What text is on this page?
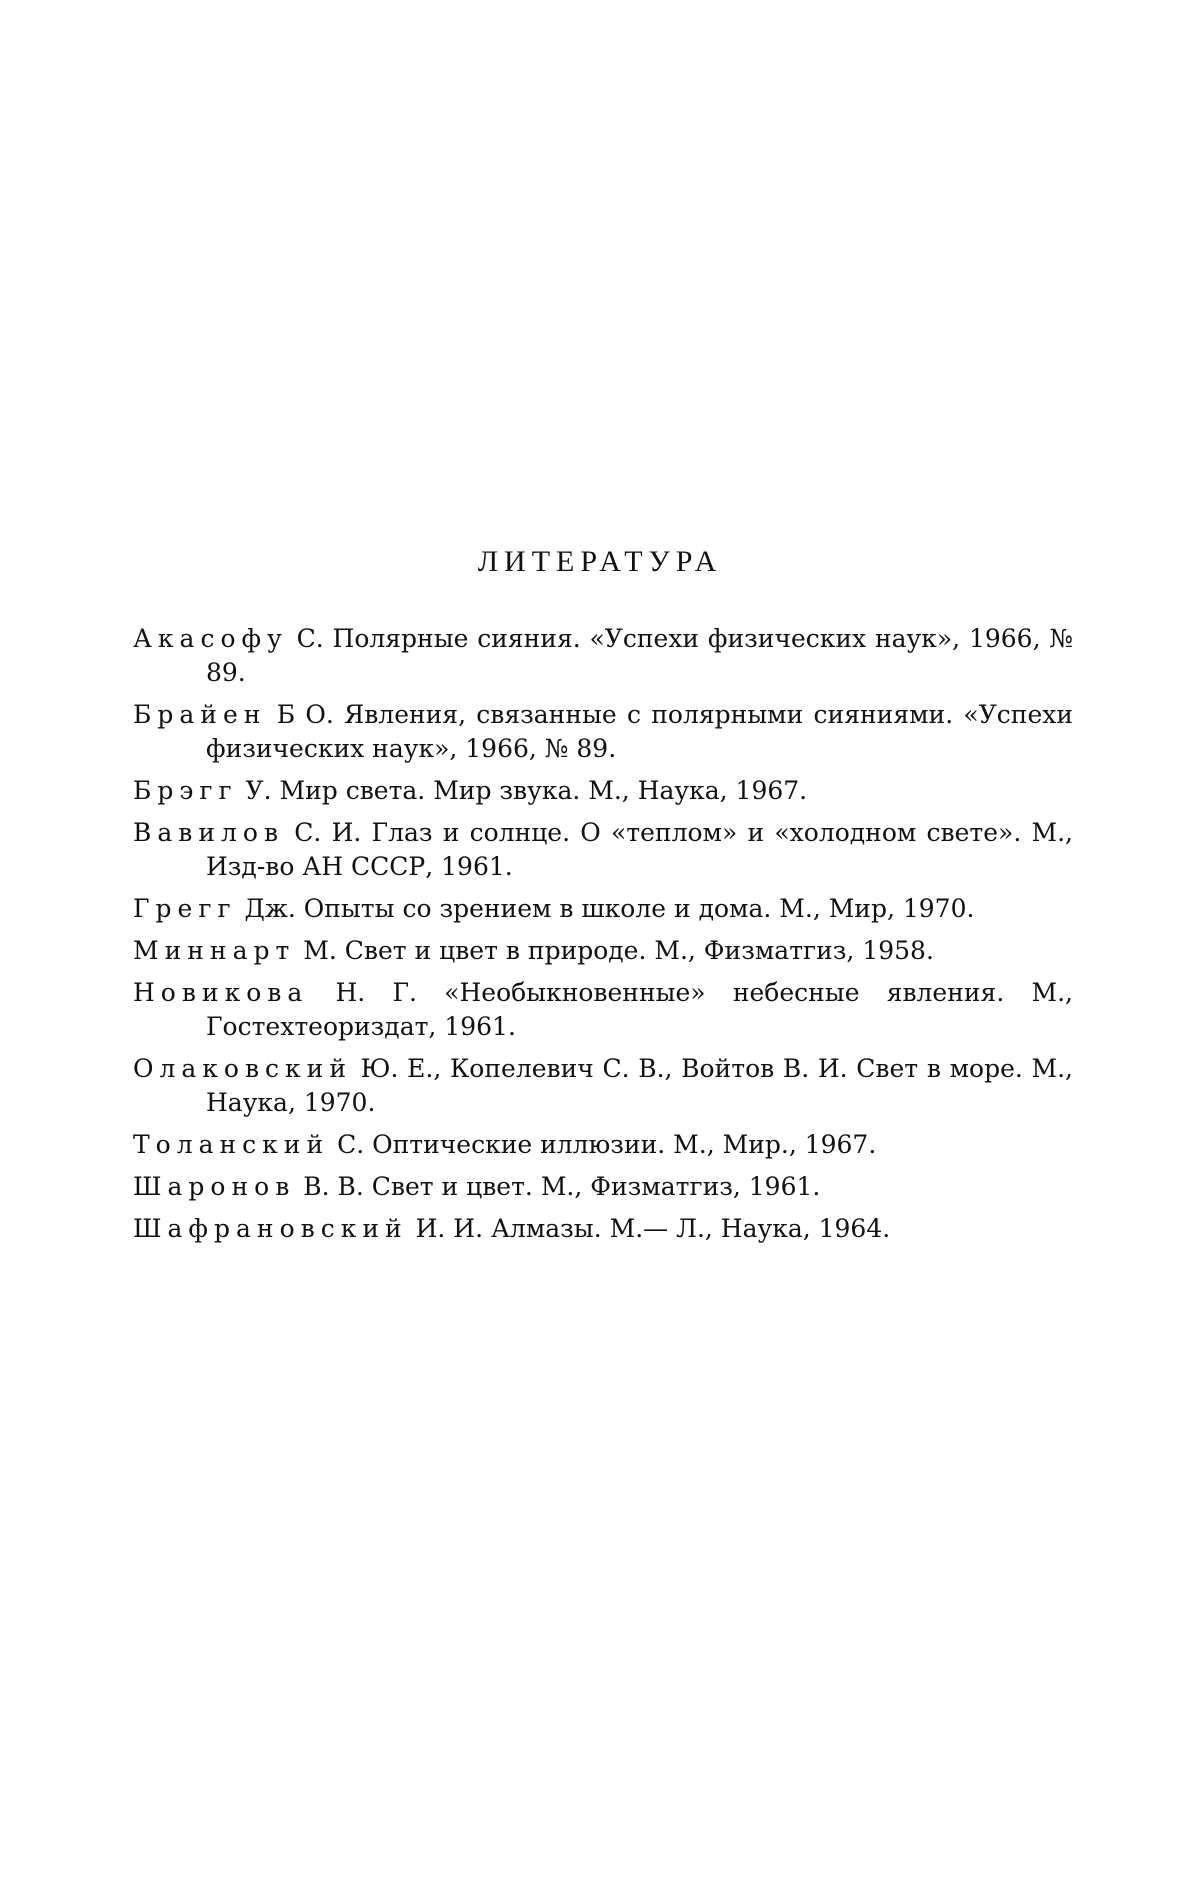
ЛИТЕРАТУРА
Акасофу С. Полярные сияния. «Успехи физических наук», 1966, № 89.
Брайен Б О. Явления, связанные с полярными сияниями. «Успехи физических наук», 1966, № 89.
Брэгг У. Мир света. Мир звука. М., Наука, 1967.
Вавилов С. И. Глаз и солнце. О «теплом» и «холодном свете». М., Изд-во АН СССР, 1961.
Грегг Дж. Опыты со зрением в школе и дома. М., Мир, 1970.
Миннарт М. Свет и цвет в природе. М., Физматгиз, 1958.
Новикова Н. Г. «Необыкновенные» небесные явления. М., Гостехтеориздат, 1961.
Олаковский Ю. Е., Копелевич С. В., Войтов В. И. Свет в море. М., Наука, 1970.
Толанский С. Оптические иллюзии. М., Мир., 1967.
Шаронов В. В. Свет и цвет. М., Физматгиз, 1961.
Шафрановский И. И. Алмазы. М.— Л., Наука, 1964.
